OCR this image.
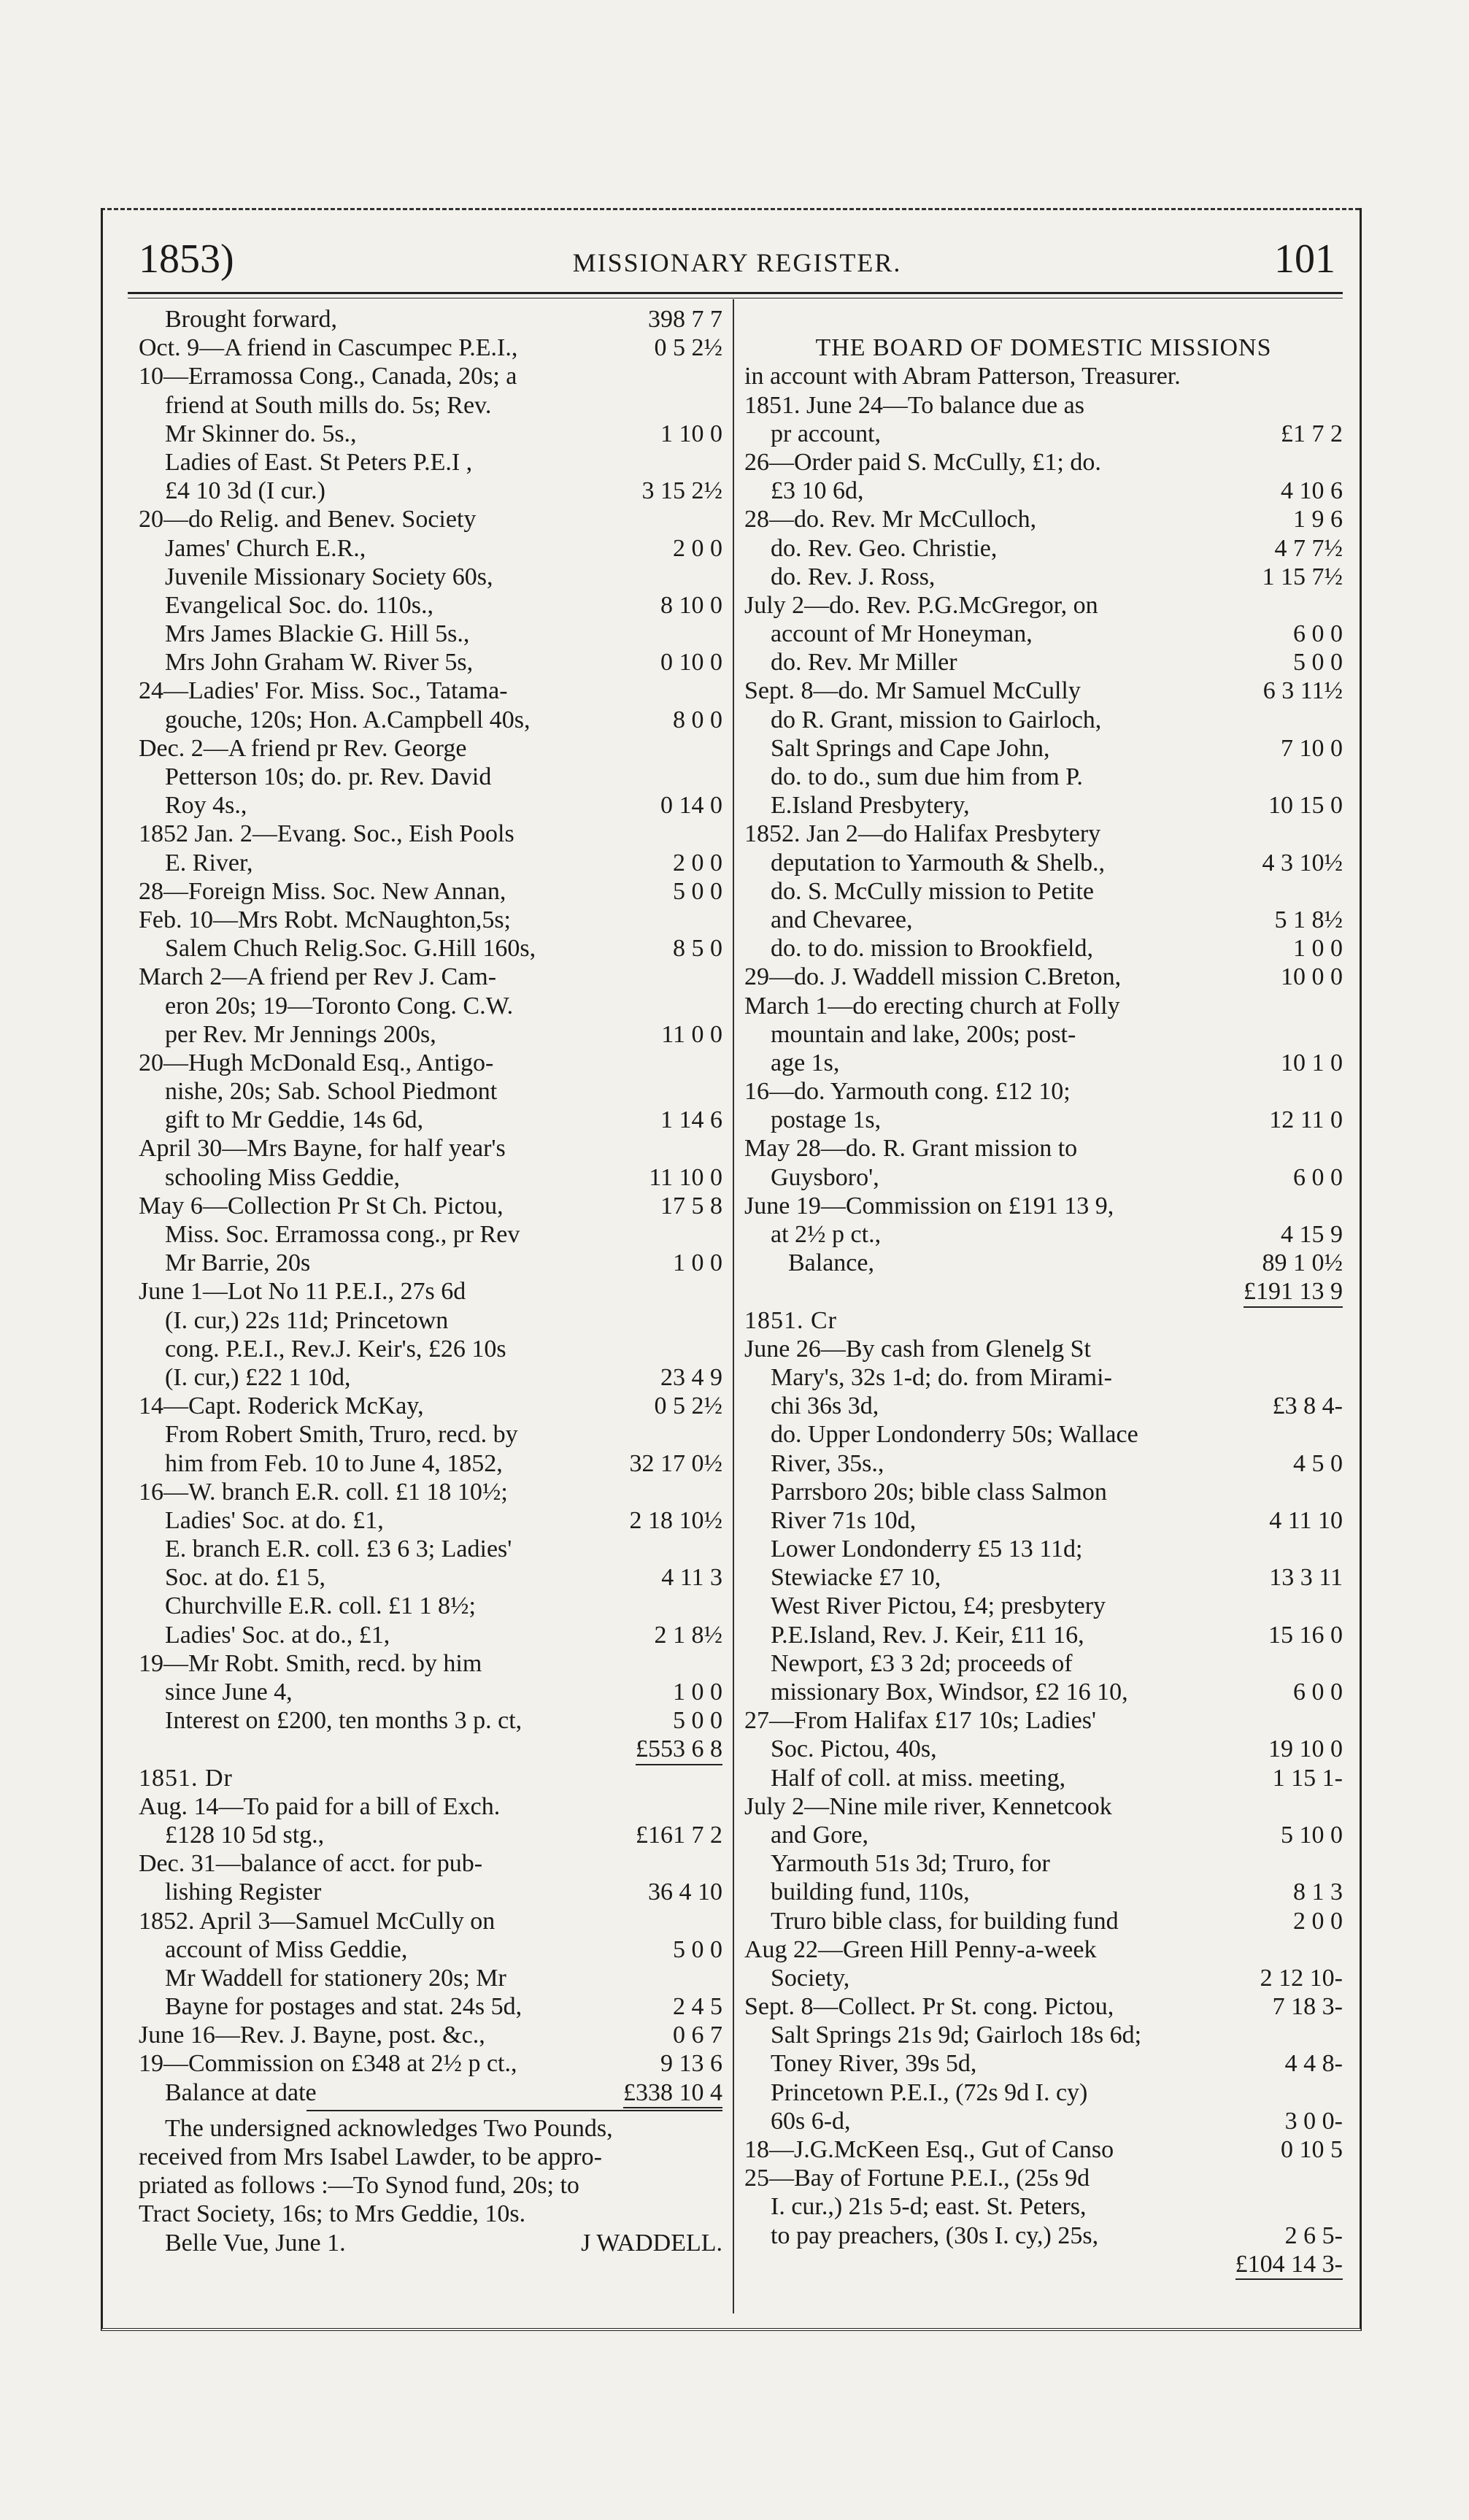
1853)	MISSIONARY REGISTER.	101
Brought forward,	398 7 7
Oct. 9—A friend in Cascumpec P.E.I.,	0 5 2½
10—Erramossa Cong., Canada, 20s; a
friend at South mills do. 5s; Rev.
Mr Skinner do. 5s.,	1 10 0
Ladies of East. St Peters P.E.I ,
£4 10 3d (I cur.)	3 15 2½
20—do Relig. and Benev. Society
James' Church E.R.,	2 0 0
Juvenile Missionary Society 60s,
Evangelical Soc. do. 110s.,	8 10 0
Mrs James Blackie G. Hill 5s.,
Mrs John Graham W. River 5s,	0 10 0
24—Ladies' For. Miss. Soc., Tatama-
gouche, 120s; Hon. A.Campbell 40s,	8 0 0
Dec. 2—A friend pr Rev. George
Petterson 10s; do. pr. Rev. David
Roy 4s.,	0 14 0
1852 Jan. 2—Evang. Soc., Eish Pools
E. River,	2 0 0
28—Foreign Miss. Soc. New Annan,	5 0 0
Feb. 10—Mrs Robt. McNaughton,5s;
Salem Chuch Relig.Soc. G.Hill 160s,	8 5 0
March 2—A friend per Rev J. Cam-
eron 20s; 19—Toronto Cong. C.W.
per Rev. Mr Jennings 200s,	11 0 0
20—Hugh McDonald Esq., Antigo-
nishe, 20s; Sab. School Piedmont
gift to Mr Geddie, 14s 6d,	1 14 6
April 30—Mrs Bayne, for half year's
schooling Miss Geddie,	11 10 0
May 6—Collection Pr St Ch. Pictou,	17 5 8
Miss. Soc. Erramossa cong., pr Rev
Mr Barrie, 20s	1 0 0
June 1—Lot No 11 P.E.I., 27s 6d
(I. cur,) 22s 11d; Princetown
cong. P.E.I., Rev.J. Keir's, £26 10s
(I. cur,) £22 1 10d,	23 4 9
14—Capt. Roderick McKay,	0 5 2½
From Robert Smith, Truro, recd. by
him from Feb. 10 to June 4, 1852,	32 17 0½
16—W. branch E.R. coll. £1 18 10½;
Ladies' Soc. at do. £1,	2 18 10½
E. branch E.R. coll. £3 6 3; Ladies'
Soc. at do. £1 5,	4 11 3
Churchville E.R. coll. £1 1 8½;
Ladies' Soc. at do., £1,	2 1 8½
19—Mr Robt. Smith, recd. by him
since June 4,	1 0 0
Interest on £200, ten months 3 p. ct,	5 0 0
£553 6 8
1851. Dr
Aug. 14—To paid for a bill of Exch.
£128 10 5d stg.,	£161 7 2
Dec. 31—balance of acct. for pub-
lishing Register	36 4 10
1852. April 3—Samuel McCully on
account of Miss Geddie,	5 0 0
Mr Waddell for stationery 20s; Mr
Bayne for postages and stat. 24s 5d,	2 4 5
June 16—Rev. J. Bayne, post. &c.,	0 6 7
19—Commission on £348 at 2½ p ct.,	9 13 6
Balance at date	£338 10 4
The undersigned acknowledges Two Pounds,
received from Mrs Isabel Lawder, to be appro-
priated as follows :—To Synod fund, 20s; to
Tract Society, 16s; to Mrs Geddie, 10s.
Belle Vue, June 1.	J WADDELL.
THE BOARD OF DOMESTIC MISSIONS
in account with Abram Patterson, Treasurer.
1851. June 24—To balance due as
pr account,	£1 7 2
26—Order paid S. McCully, £1; do.
£3 10 6d,	4 10 6
28—do. Rev. Mr McCulloch,	1 9 6
do. Rev. Geo. Christie,	4 7 7½
do. Rev. J. Ross,	1 15 7½
July 2—do. Rev. P.G.McGregor, on
account of Mr Honeyman,	6 0 0
do. Rev. Mr Miller	5 0 0
Sept. 8—do. Mr Samuel McCully	6 3 11½
do R. Grant, mission to Gairloch,
Salt Springs and Cape John,	7 10 0
do. to do., sum due him from P.
E.Island Presbytery,	10 15 0
1852. Jan 2—do Halifax Presbytery
deputation to Yarmouth & Shelb.,	4 3 10½
do. S. McCully mission to Petite
and Chevaree,	5 1 8½
do. to do. mission to Brookfield,	1 0 0
29—do. J. Waddell mission C.Breton,	10 0 0
March 1—do erecting church at Folly
mountain and lake, 200s; post-
age 1s,	10 1 0
16—do. Yarmouth cong. £12 10;
postage 1s,	12 11 0
May 28—do. R. Grant mission to
Guysboro',	6 0 0
June 19—Commission on £191 13 9,
at 2½ p ct.,	4 15 9
Balance,	89 1 0½
£191 13 9
1851. Cr
June 26—By cash from Glenelg St
Mary's, 32s 1-d; do. from Mirami-
chi 36s 3d,	£3 8 4-
do. Upper Londonderry 50s; Wallace
River, 35s.,	4 5 0
Parrsboro 20s; bible class Salmon
River 71s 10d,	4 11 10
Lower Londonderry £5 13 11d;
Stewiacke £7 10,	13 3 11
West River Pictou, £4; presbytery
P.E.Island, Rev. J. Keir, £11 16,	15 16 0
Newport, £3 3 2d; proceeds of
missionary Box, Windsor, £2 16 10,	6 0 0
27—From Halifax £17 10s; Ladies'
Soc. Pictou, 40s,	19 10 0
Half of coll. at miss. meeting,	1 15 1-
July 2—Nine mile river, Kennetcook
and Gore,	5 10 0
Yarmouth 51s 3d; Truro, for
building fund, 110s,	8 1 3
Truro bible class, for building fund	2 0 0
Aug 22—Green Hill Penny-a-week
Society,	2 12 10-
Sept. 8—Collect. Pr St. cong. Pictou,	7 18 3-
Salt Springs 21s 9d; Gairloch 18s 6d;
Toney River, 39s 5d,	4 4 8-
Princetown P.E.I., (72s 9d I. cy)
60s 6-d,	3 0 0-
18—J.G.McKeen Esq., Gut of Canso	0 10 5
25—Bay of Fortune P.E.I., (25s 9d
I. cur.,) 21s 5-d; east. St. Peters,
to pay preachers, (30s I. cy,) 25s,	2 6 5-
£104 14 3-
